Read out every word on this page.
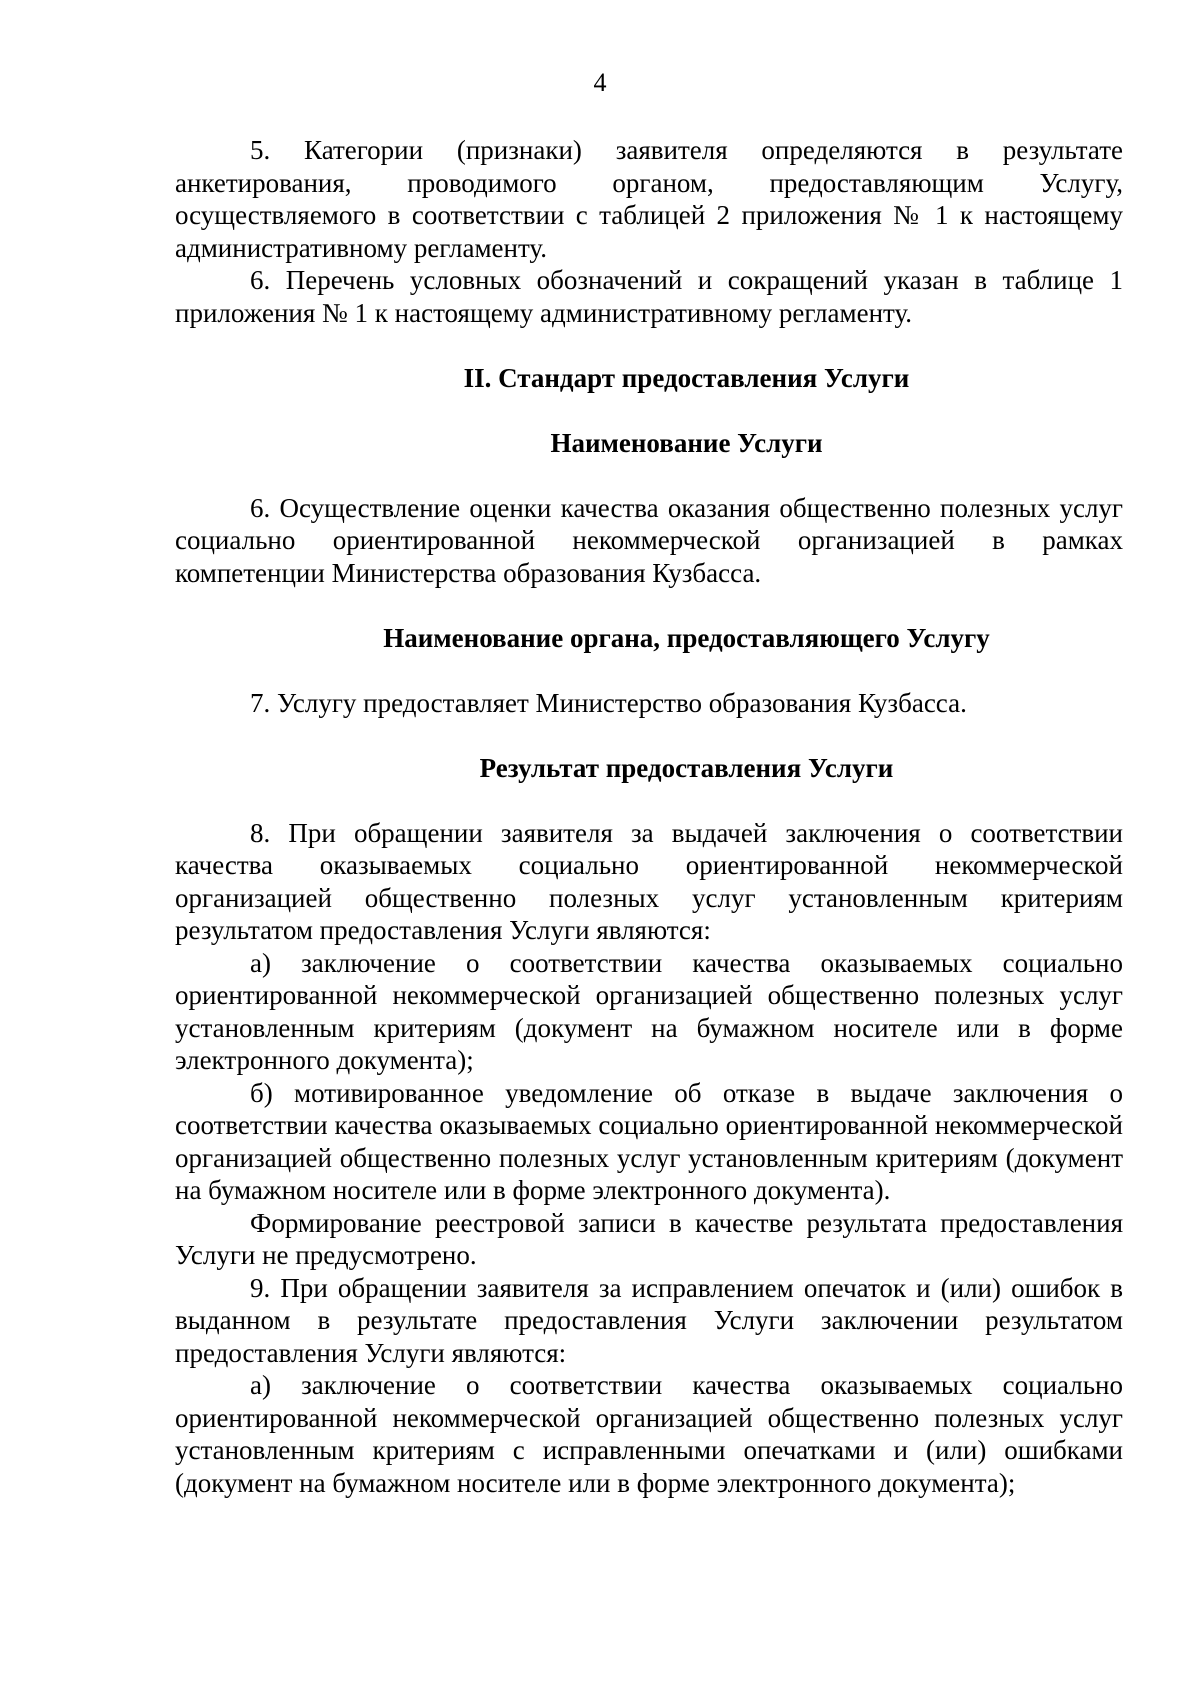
4

5. Категории (признаки) заявителя определяются в результате анкетирования, проводимого органом, предоставляющим Услугу, осуществляемого в соответствии с таблицей 2 приложения № 1 к настоящему административному регламенту.

6. Перечень условных обозначений и сокращений указан в таблице 1 приложения № 1 к настоящему административному регламенту.

II. Стандарт предоставления Услуги

Наименование Услуги

6. Осуществление оценки качества оказания общественно полезных услуг социально ориентированной некоммерческой организацией в рамках компетенции Министерства образования Кузбасса.

Наименование органа, предоставляющего Услугу

7. Услугу предоставляет Министерство образования Кузбасса.

Результат предоставления Услуги

8. При обращении заявителя за выдачей заключения о соответствии качества оказываемых социально ориентированной некоммерческой организацией общественно полезных услуг установленным критериям результатом предоставления Услуги являются:

а) заключение о соответствии качества оказываемых социально ориентированной некоммерческой организацией общественно полезных услуг установленным критериям (документ на бумажном носителе или в форме электронного документа);

б) мотивированное уведомление об отказе в выдаче заключения о соответствии качества оказываемых социально ориентированной некоммерческой организацией общественно полезных услуг установленным критериям (документ на бумажном носителе или в форме электронного документа).

Формирование реестровой записи в качестве результата предоставления Услуги не предусмотрено.

9. При обращении заявителя за исправлением опечаток и (или) ошибок в выданном в результате предоставления Услуги заключении результатом предоставления Услуги являются:

а) заключение о соответствии качества оказываемых социально ориентированной некоммерческой организацией общественно полезных услуг установленным критериям с исправленными опечатками и (или) ошибками (документ на бумажном носителе или в форме электронного документа);
